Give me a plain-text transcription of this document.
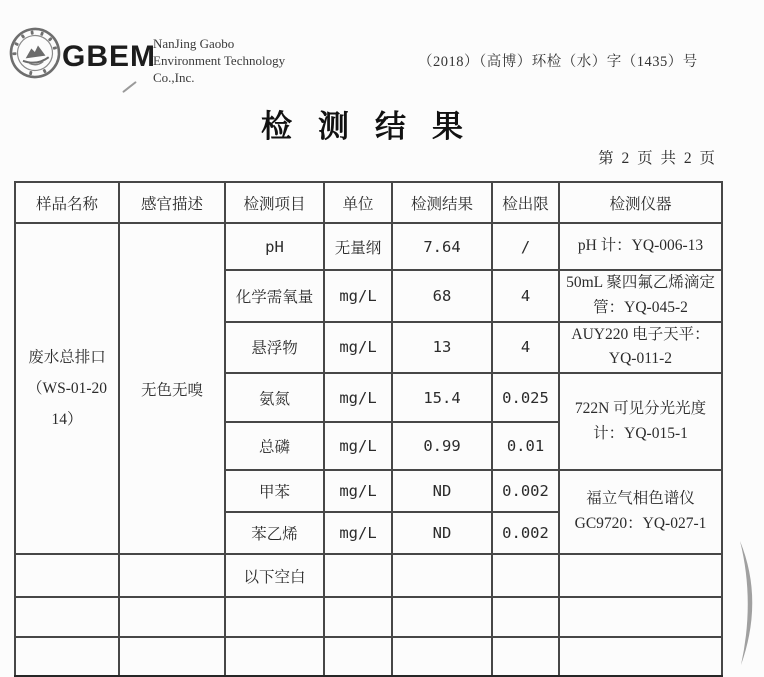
GBEM
NanJing Gaobo
Environment Technology
Co.,Inc.
（2018）（高博）环检（水）字（1435）号
检测结果
第 2 页 共 2 页
样品名称	感官描述	检测项目	单位	检测结果	检出限	检测仪器

废水总排口
（WS-01-20
14）	无色无嗅	pH	无量纲	7.64	/	pH 计：YQ-006-13

		化学需氧量	mg/L	68	4	50mL 聚四氟乙烯滴定
管：YQ-045-2

		悬浮物	mg/L	13	4	AUY220 电子天平：
YQ-011-2

		氨氮	mg/L	15.4	0.025	722N 可见分光光度
计：YQ-015-1

		总磷	mg/L	0.99	0.01	
		甲苯	mg/L	ND	0.002	福立气相色谱仪
GC9720：YQ-027-1

		苯乙烯	mg/L	ND	0.002	
		以下空白				
